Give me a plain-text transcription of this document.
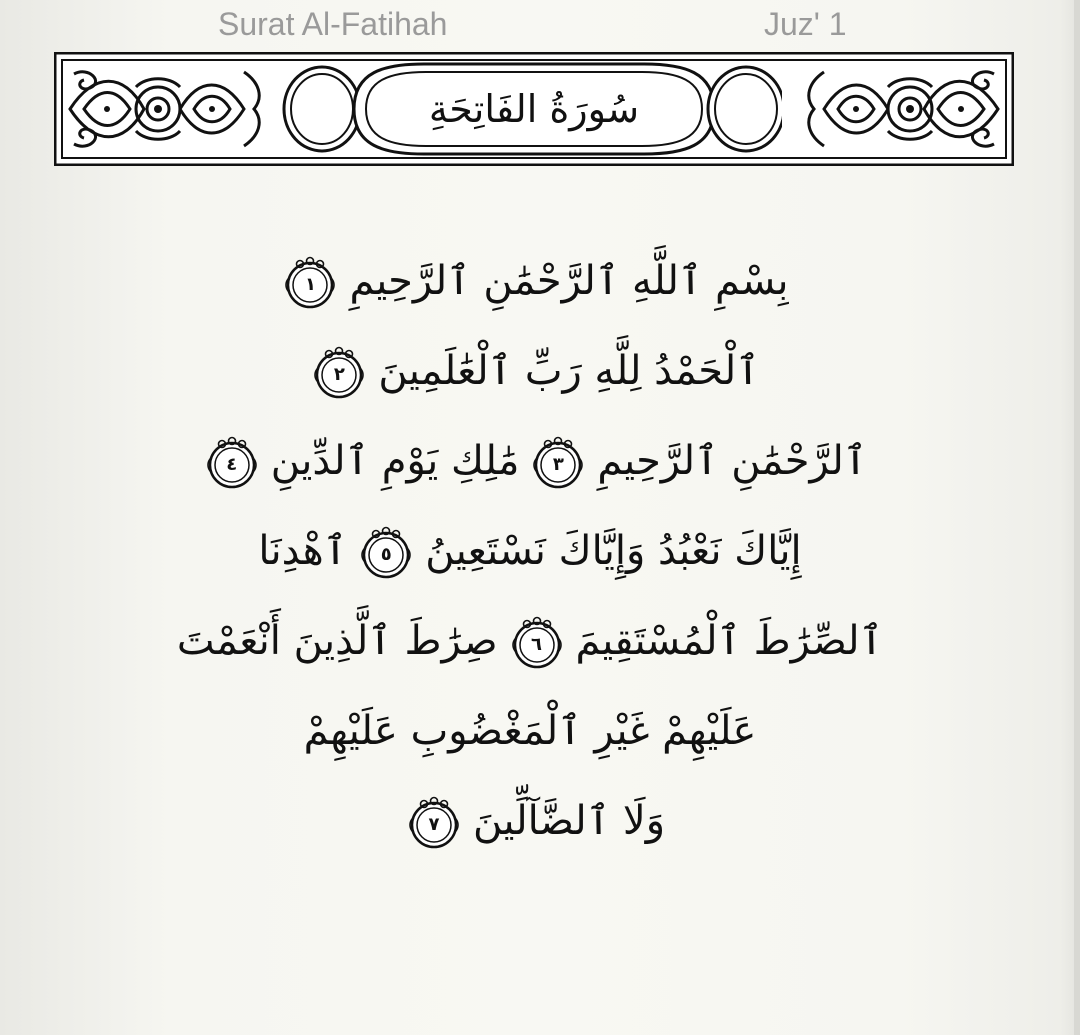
Surat Al-Fatihah	Juz' 1
سُورَةُ الفَاتِحَةِ
بِسْمِ ٱللَّهِ ٱلرَّحْمَٰنِ ٱلرَّحِيمِ
١
ٱلْحَمْدُ لِلَّهِ رَبِّ ٱلْعَٰلَمِينَ
٢
ٱلرَّحْمَٰنِ ٱلرَّحِيمِ
٣
مَٰلِكِ يَوْمِ ٱلدِّينِ
٤
إِيَّاكَ نَعْبُدُ وَإِيَّاكَ نَسْتَعِينُ
٥
ٱهْدِنَا
ٱلصِّرَٰطَ ٱلْمُسْتَقِيمَ
٦
صِرَٰطَ ٱلَّذِينَ أَنْعَمْتَ
عَلَيْهِمْ غَيْرِ ٱلْمَغْضُوبِ عَلَيْهِمْ
وَلَا ٱلضَّآلِّينَ
٧
